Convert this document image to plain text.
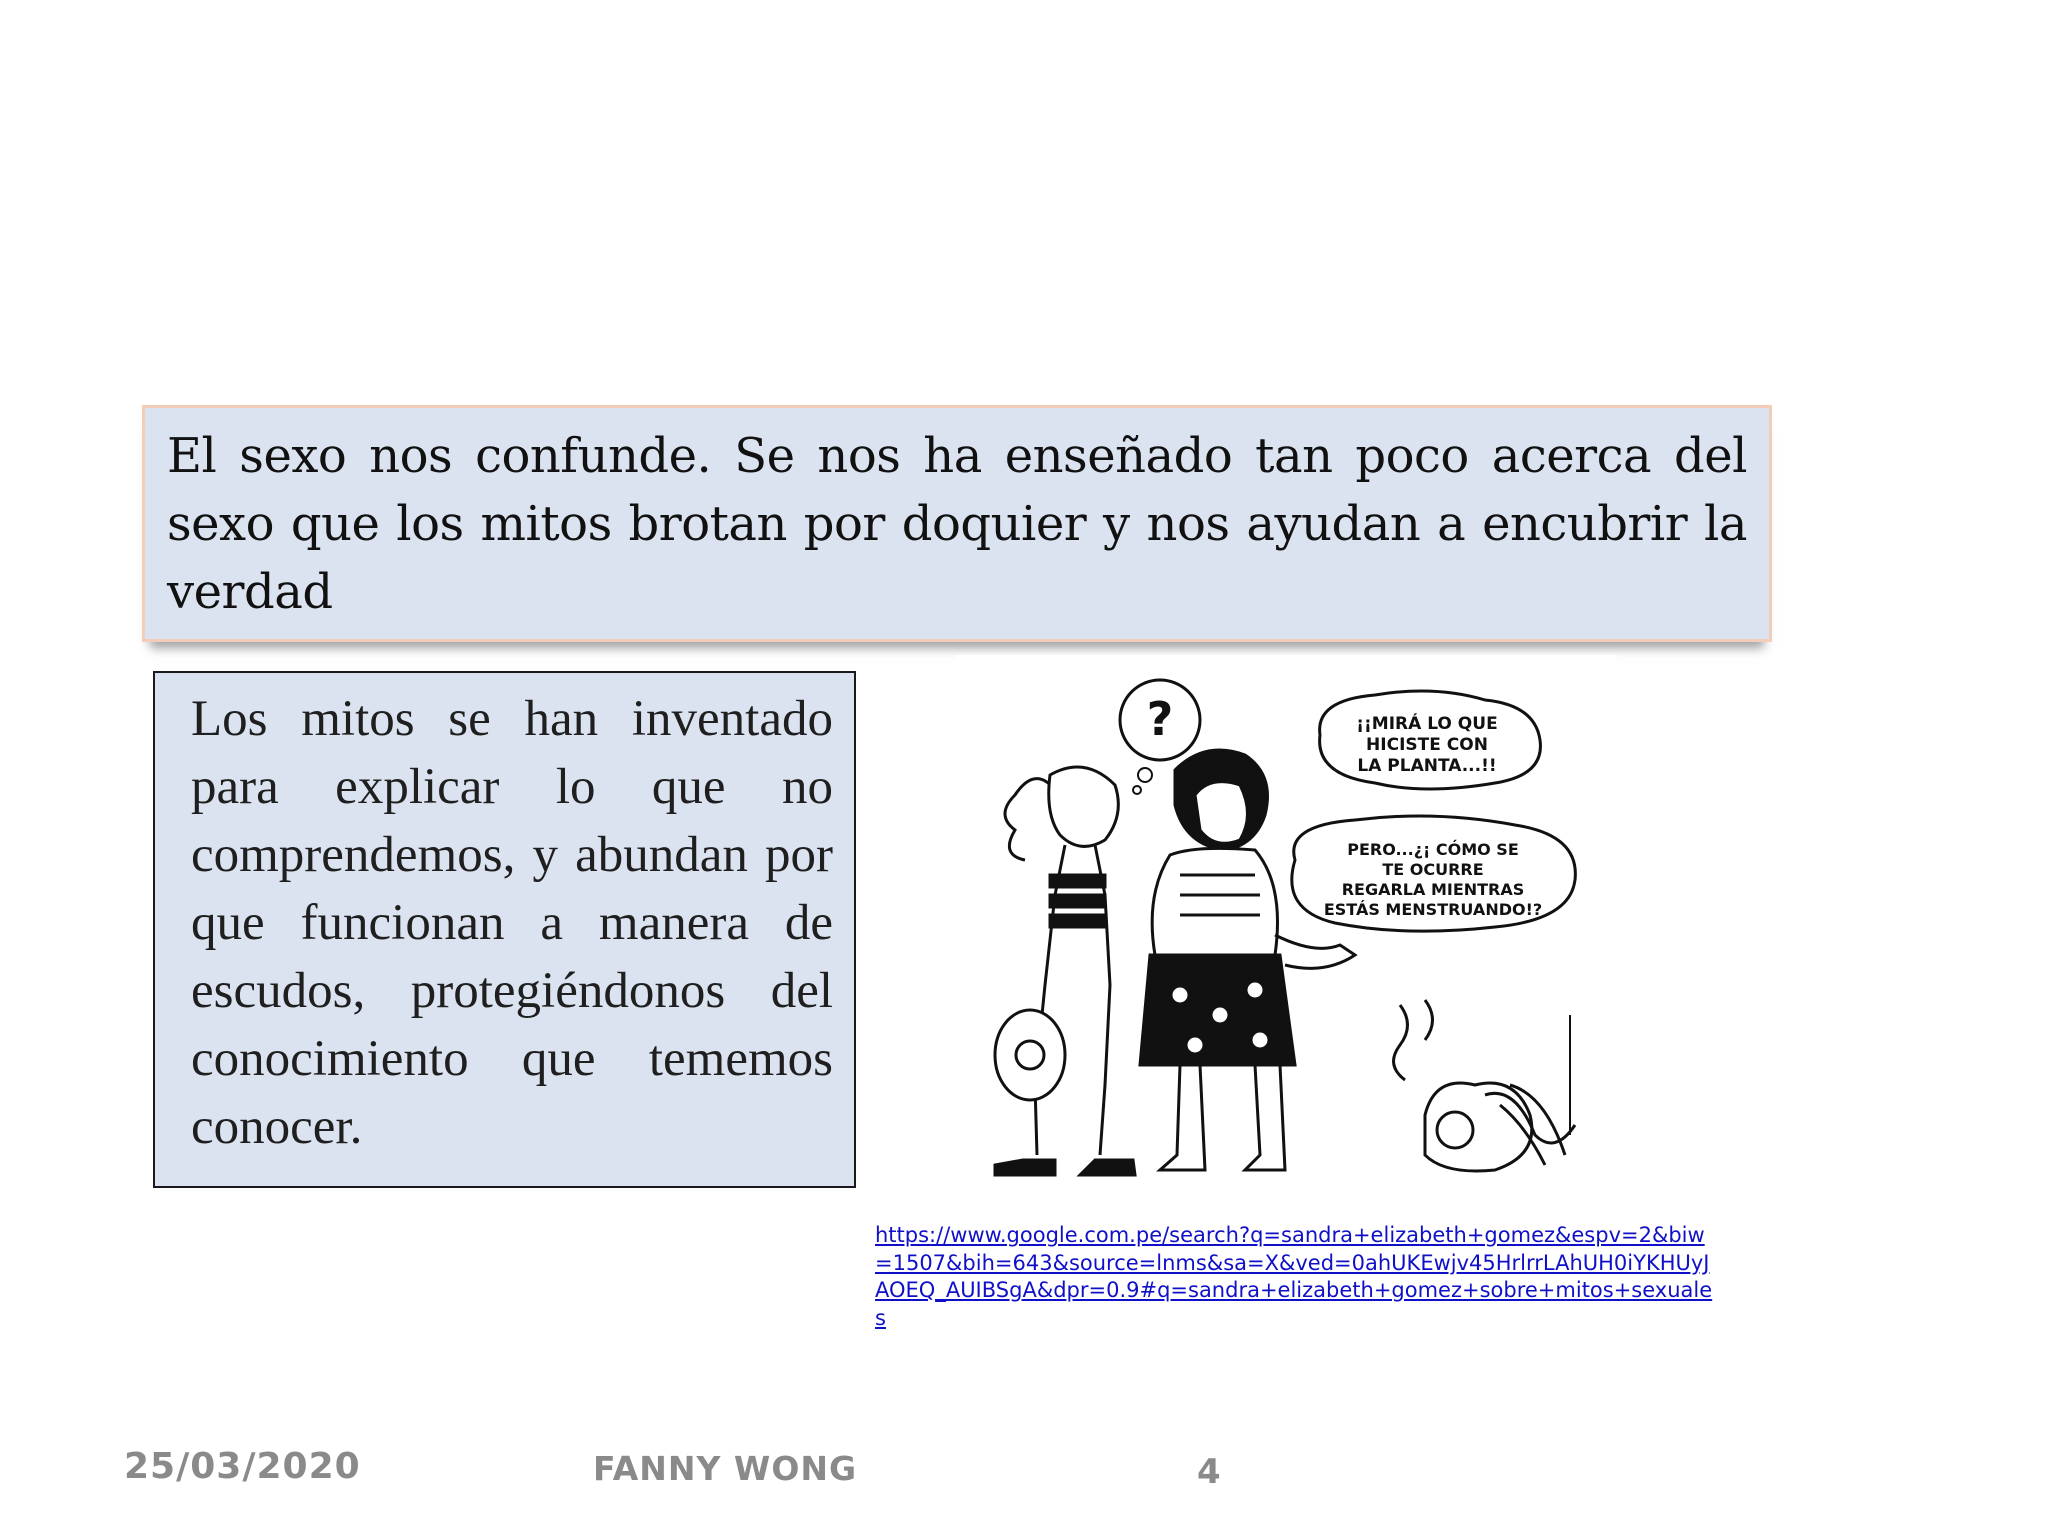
El sexo nos confunde. Se nos ha enseñado tan poco acerca del sexo que los mitos brotan por doquier y nos ayudan a encubrir la verdad
Los mitos se han inventado para explicar lo que no comprendemos, y abundan por que funcionan a manera de escudos, protegiéndonos del conocimiento que tememos conocer.
?	¡¡MIRÁ LO QUE
HICISTE CON
LA PLANTA...!!
PERO...¿¡ CÓMO SE
TE OCURRE
REGARLA MIENTRAS
ESTÁS MENSTRUANDO!?
https://www.google.com.pe/search?q=sandra+elizabeth+gomez&espv=2&biw=1507&bih=643&source=lnms&sa=X&ved=0ahUKEwjv45HrlrrLAhUH0iYKHUyJAOEQ_AUIBSgA&dpr=0.9#q=sandra+elizabeth+gomez+sobre+mitos+sexuales
25/03/2020	FANNY WONG	4
